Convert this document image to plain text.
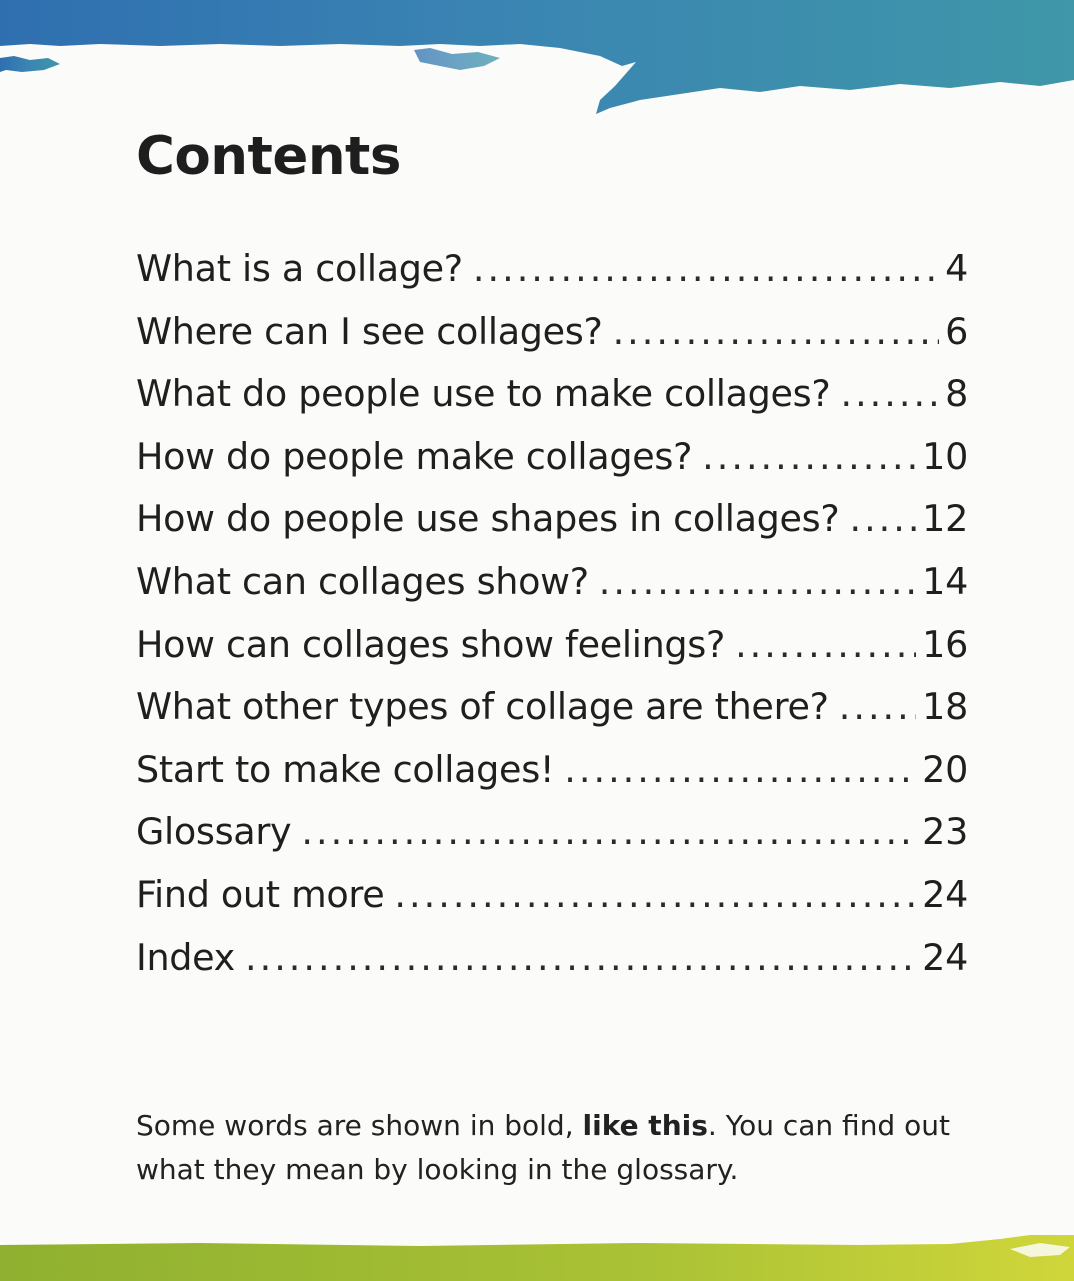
Contents
What is a collage? .....	4
Where can I see collages? .....	6
What do people use to make collages? .....	8
How do people make collages? .....	10
How do people use shapes in collages? ..... 12
What can collages show? .....	14
How can collages show feelings? .....	16
What other types of collage are there? .....	18
Start to make collages! .....	20
Glossary .....	23
Find out more .....	24
Index .....	24

Some words are shown in bold, like this. You can find out what they mean by looking in the glossary.
